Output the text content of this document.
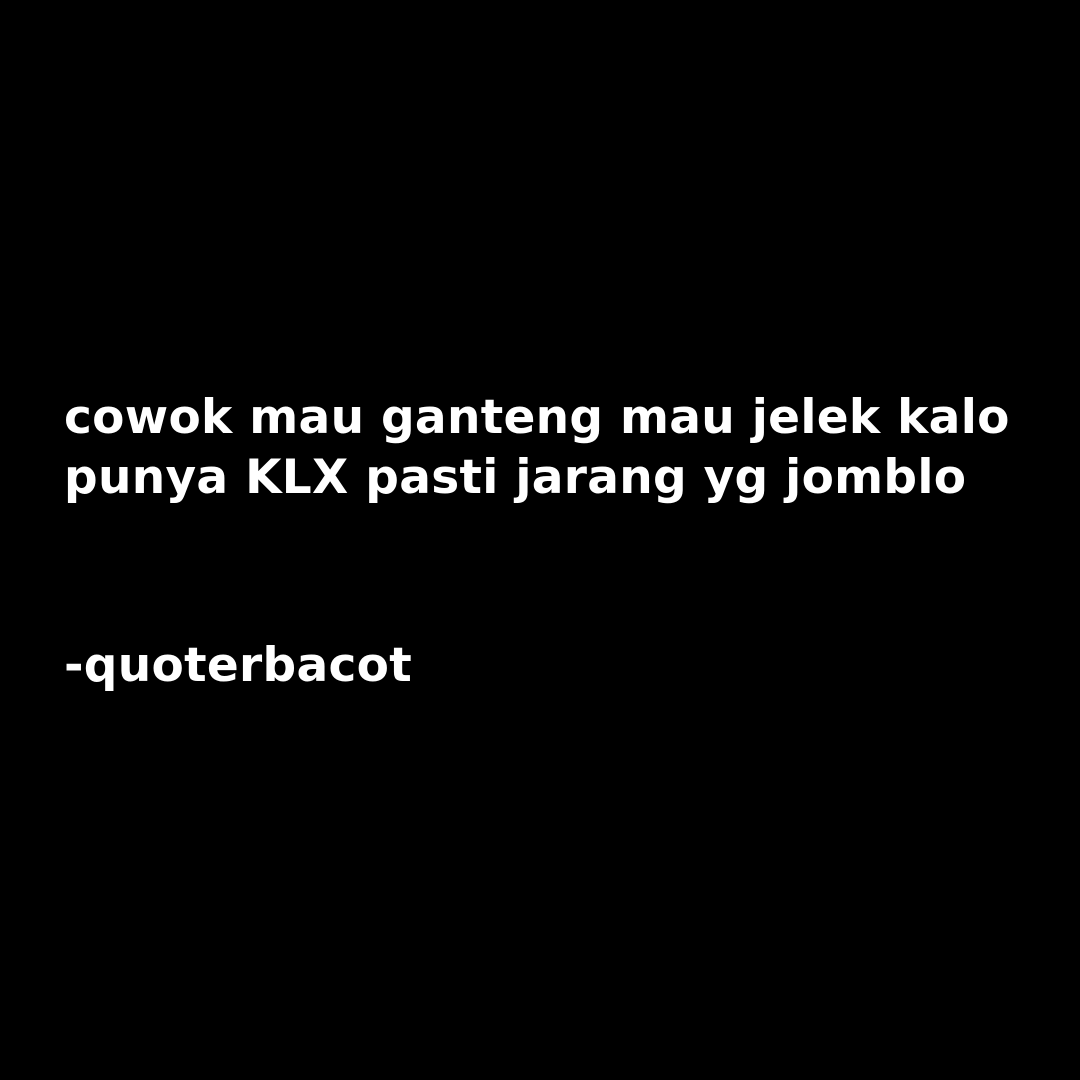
cowok mau ganteng mau jelek kalo
punya KLX pasti jarang yg jomblo

-quoterbacot
